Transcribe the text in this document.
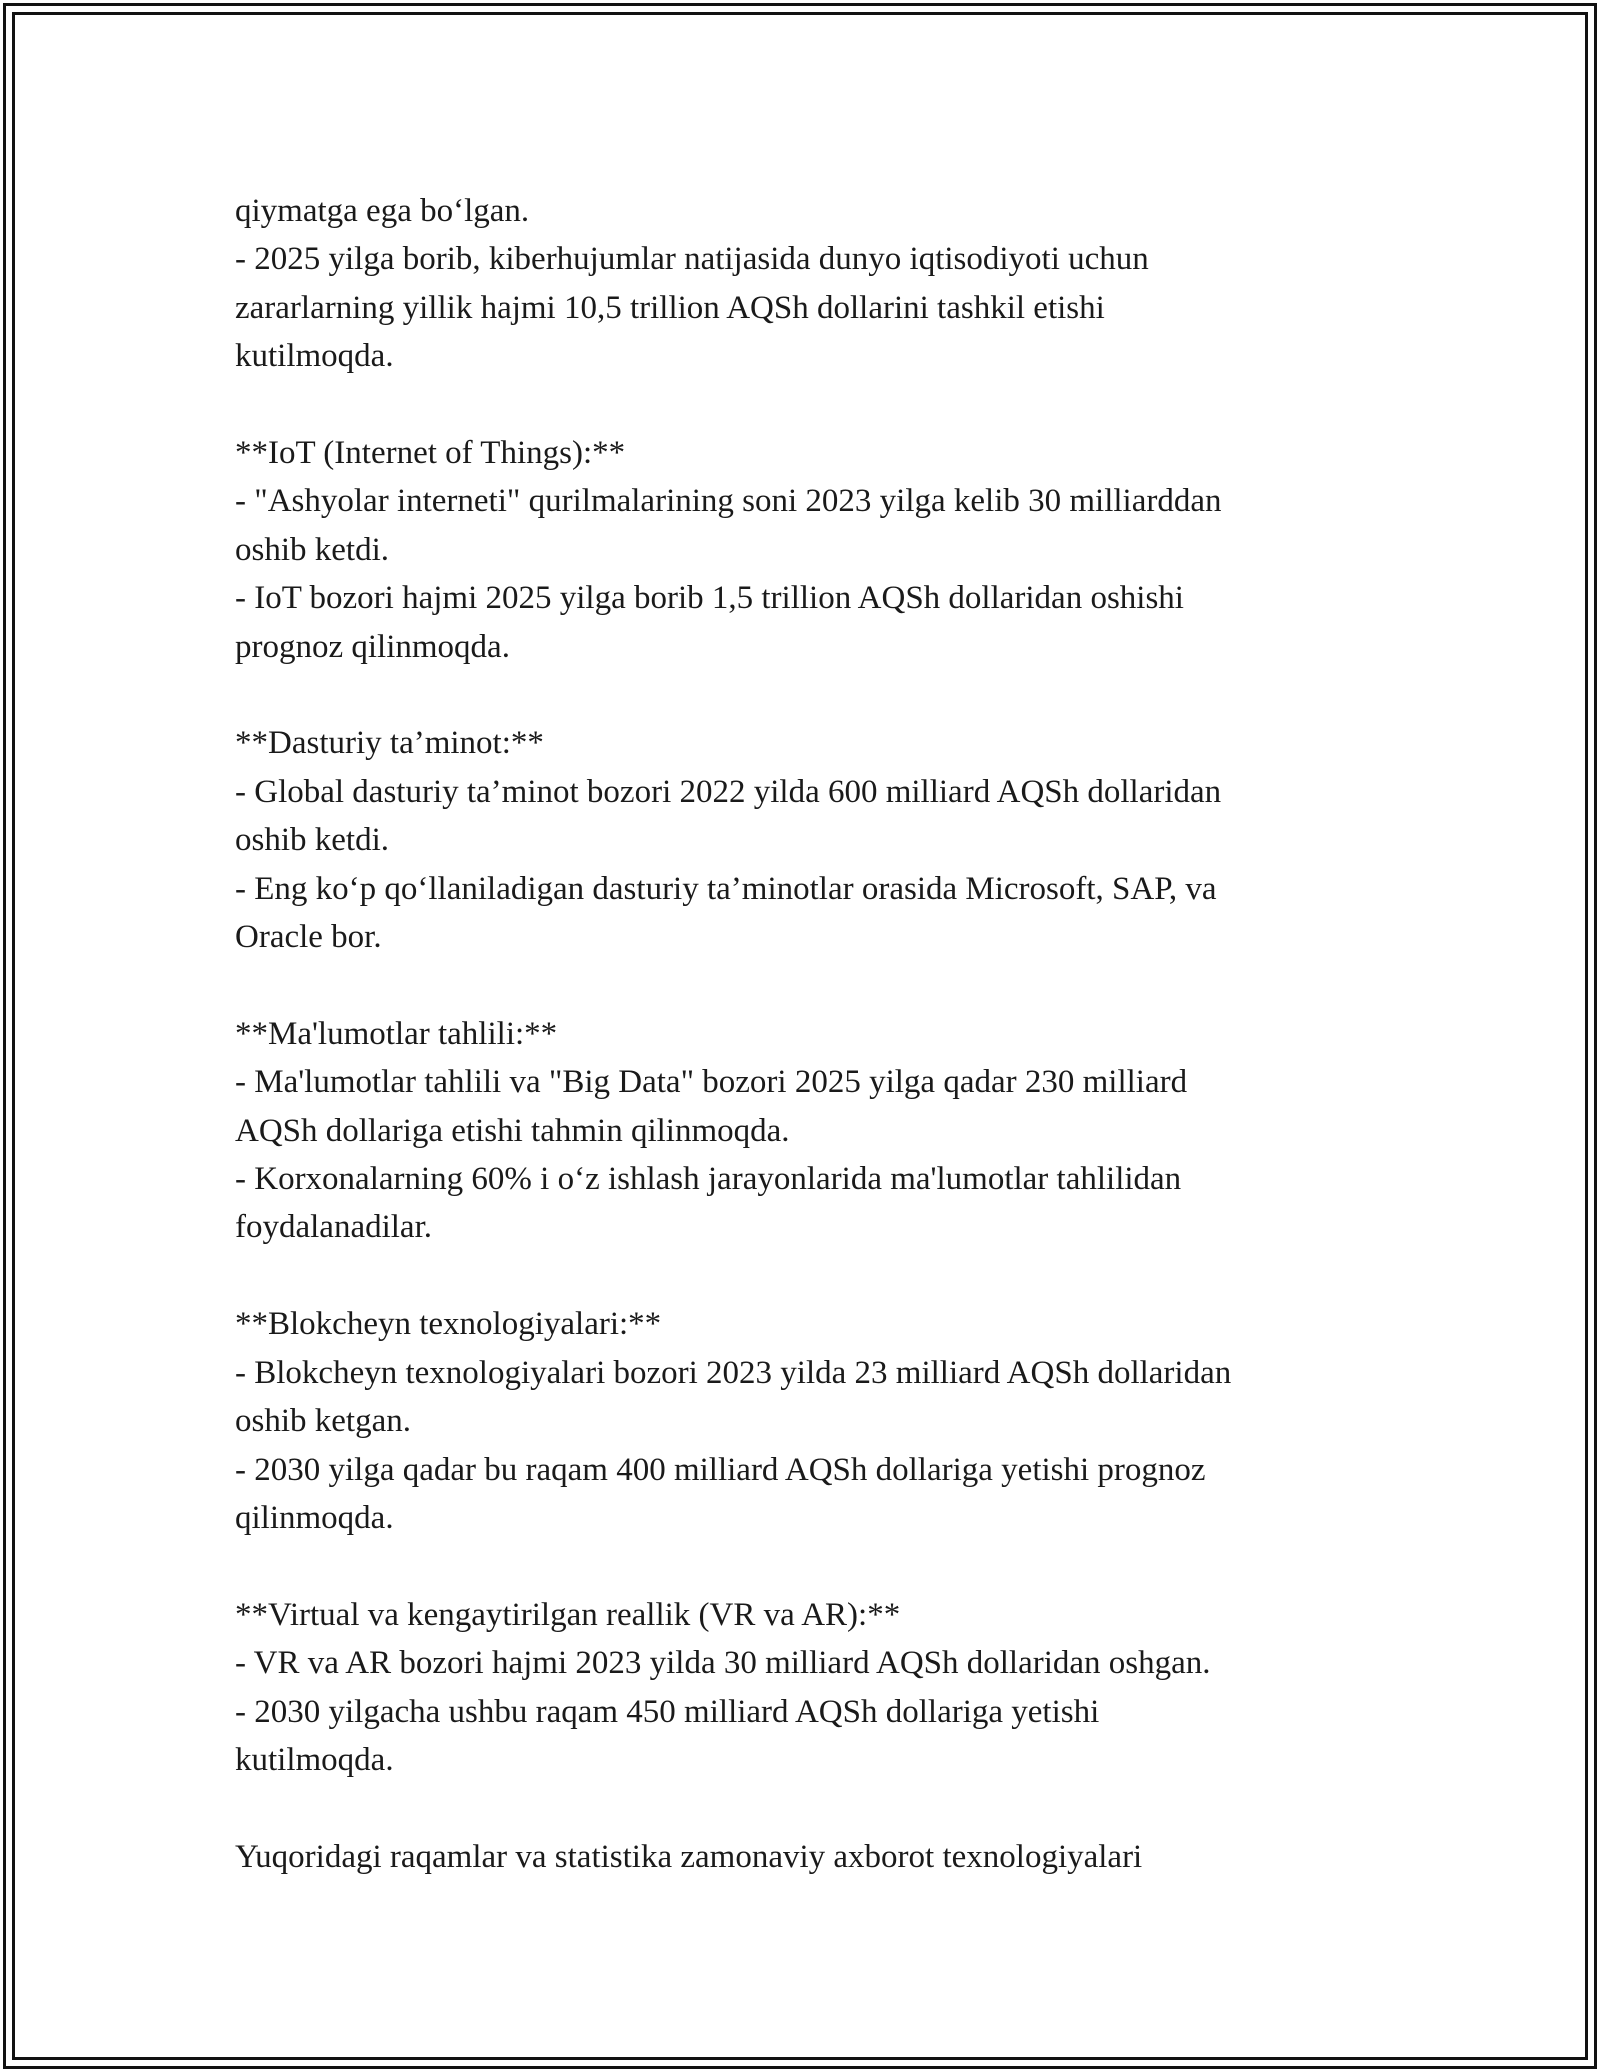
qiymatga ega bo‘lgan.
- 2025 yilga borib, kiberhujumlar natijasida dunyo iqtisodiyoti uchun
zararlarning yillik hajmi 10,5 trillion AQSh dollarini tashkil etishi
kutilmoqda.
**IoT (Internet of Things):**
- "Ashyolar interneti" qurilmalarining soni 2023 yilga kelib 30 milliarddan
oshib ketdi.
- IoT bozori hajmi 2025 yilga borib 1,5 trillion AQSh dollaridan oshishi
prognoz qilinmoqda.
**Dasturiy ta’minot:**
- Global dasturiy ta’minot bozori 2022 yilda 600 milliard AQSh dollaridan
oshib ketdi.
- Eng ko‘p qo‘llaniladigan dasturiy ta’minotlar orasida Microsoft, SAP, va
Oracle bor.
**Ma'lumotlar tahlili:**
- Ma'lumotlar tahlili va "Big Data" bozori 2025 yilga qadar 230 milliard
AQSh dollariga etishi tahmin qilinmoqda.
- Korxonalarning 60% i o‘z ishlash jarayonlarida ma'lumotlar tahlilidan
foydalanadilar.
**Blokcheyn texnologiyalari:**
- Blokcheyn texnologiyalari bozori 2023 yilda 23 milliard AQSh dollaridan
oshib ketgan.
- 2030 yilga qadar bu raqam 400 milliard AQSh dollariga yetishi prognoz
qilinmoqda.
**Virtual va kengaytirilgan reallik (VR va AR):**
- VR va AR bozori hajmi 2023 yilda 30 milliard AQSh dollaridan oshgan.
- 2030 yilgacha ushbu raqam 450 milliard AQSh dollariga yetishi
kutilmoqda.
Yuqoridagi raqamlar va statistika zamonaviy axborot texnologiyalari
